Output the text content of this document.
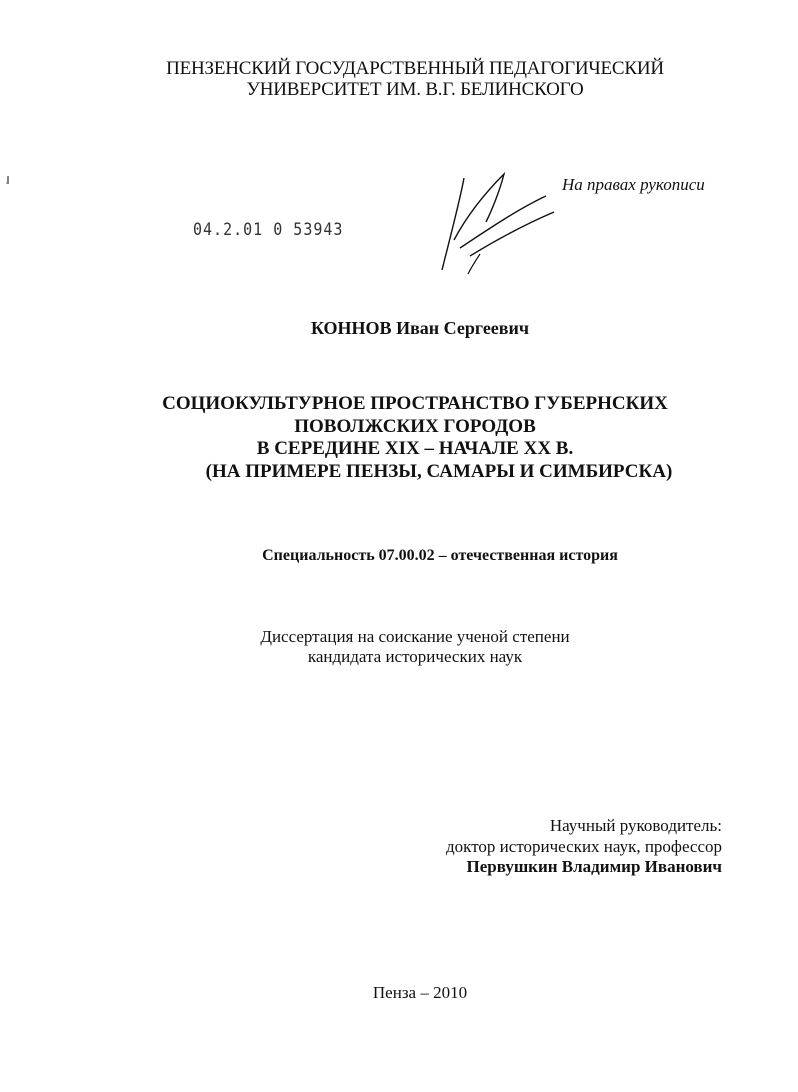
ПЕНЗЕНСКИЙ ГОСУДАРСТВЕННЫЙ ПЕДАГОГИЧЕСКИЙ
УНИВЕРСИТЕТ ИМ. В.Г. БЕЛИНСКОГО
04.2.01 0 53943
На правах рукописи
КОННОВ Иван Сергеевич
СОЦИОКУЛЬТУРНОЕ ПРОСТРАНСТВО ГУБЕРНСКИХ
ПОВОЛЖСКИХ ГОРОДОВ
В СЕРЕДИНЕ XIX – НАЧАЛЕ XX В.
(НА ПРИМЕРЕ ПЕНЗЫ, САМАРЫ И СИМБИРСКА)
Специальность 07.00.02 – отечественная история
Диссертация на соискание ученой степени
кандидата исторических наук
Научный руководитель:
доктор исторических наук, профессор
Первушкин Владимир Иванович
Пенза – 2010
